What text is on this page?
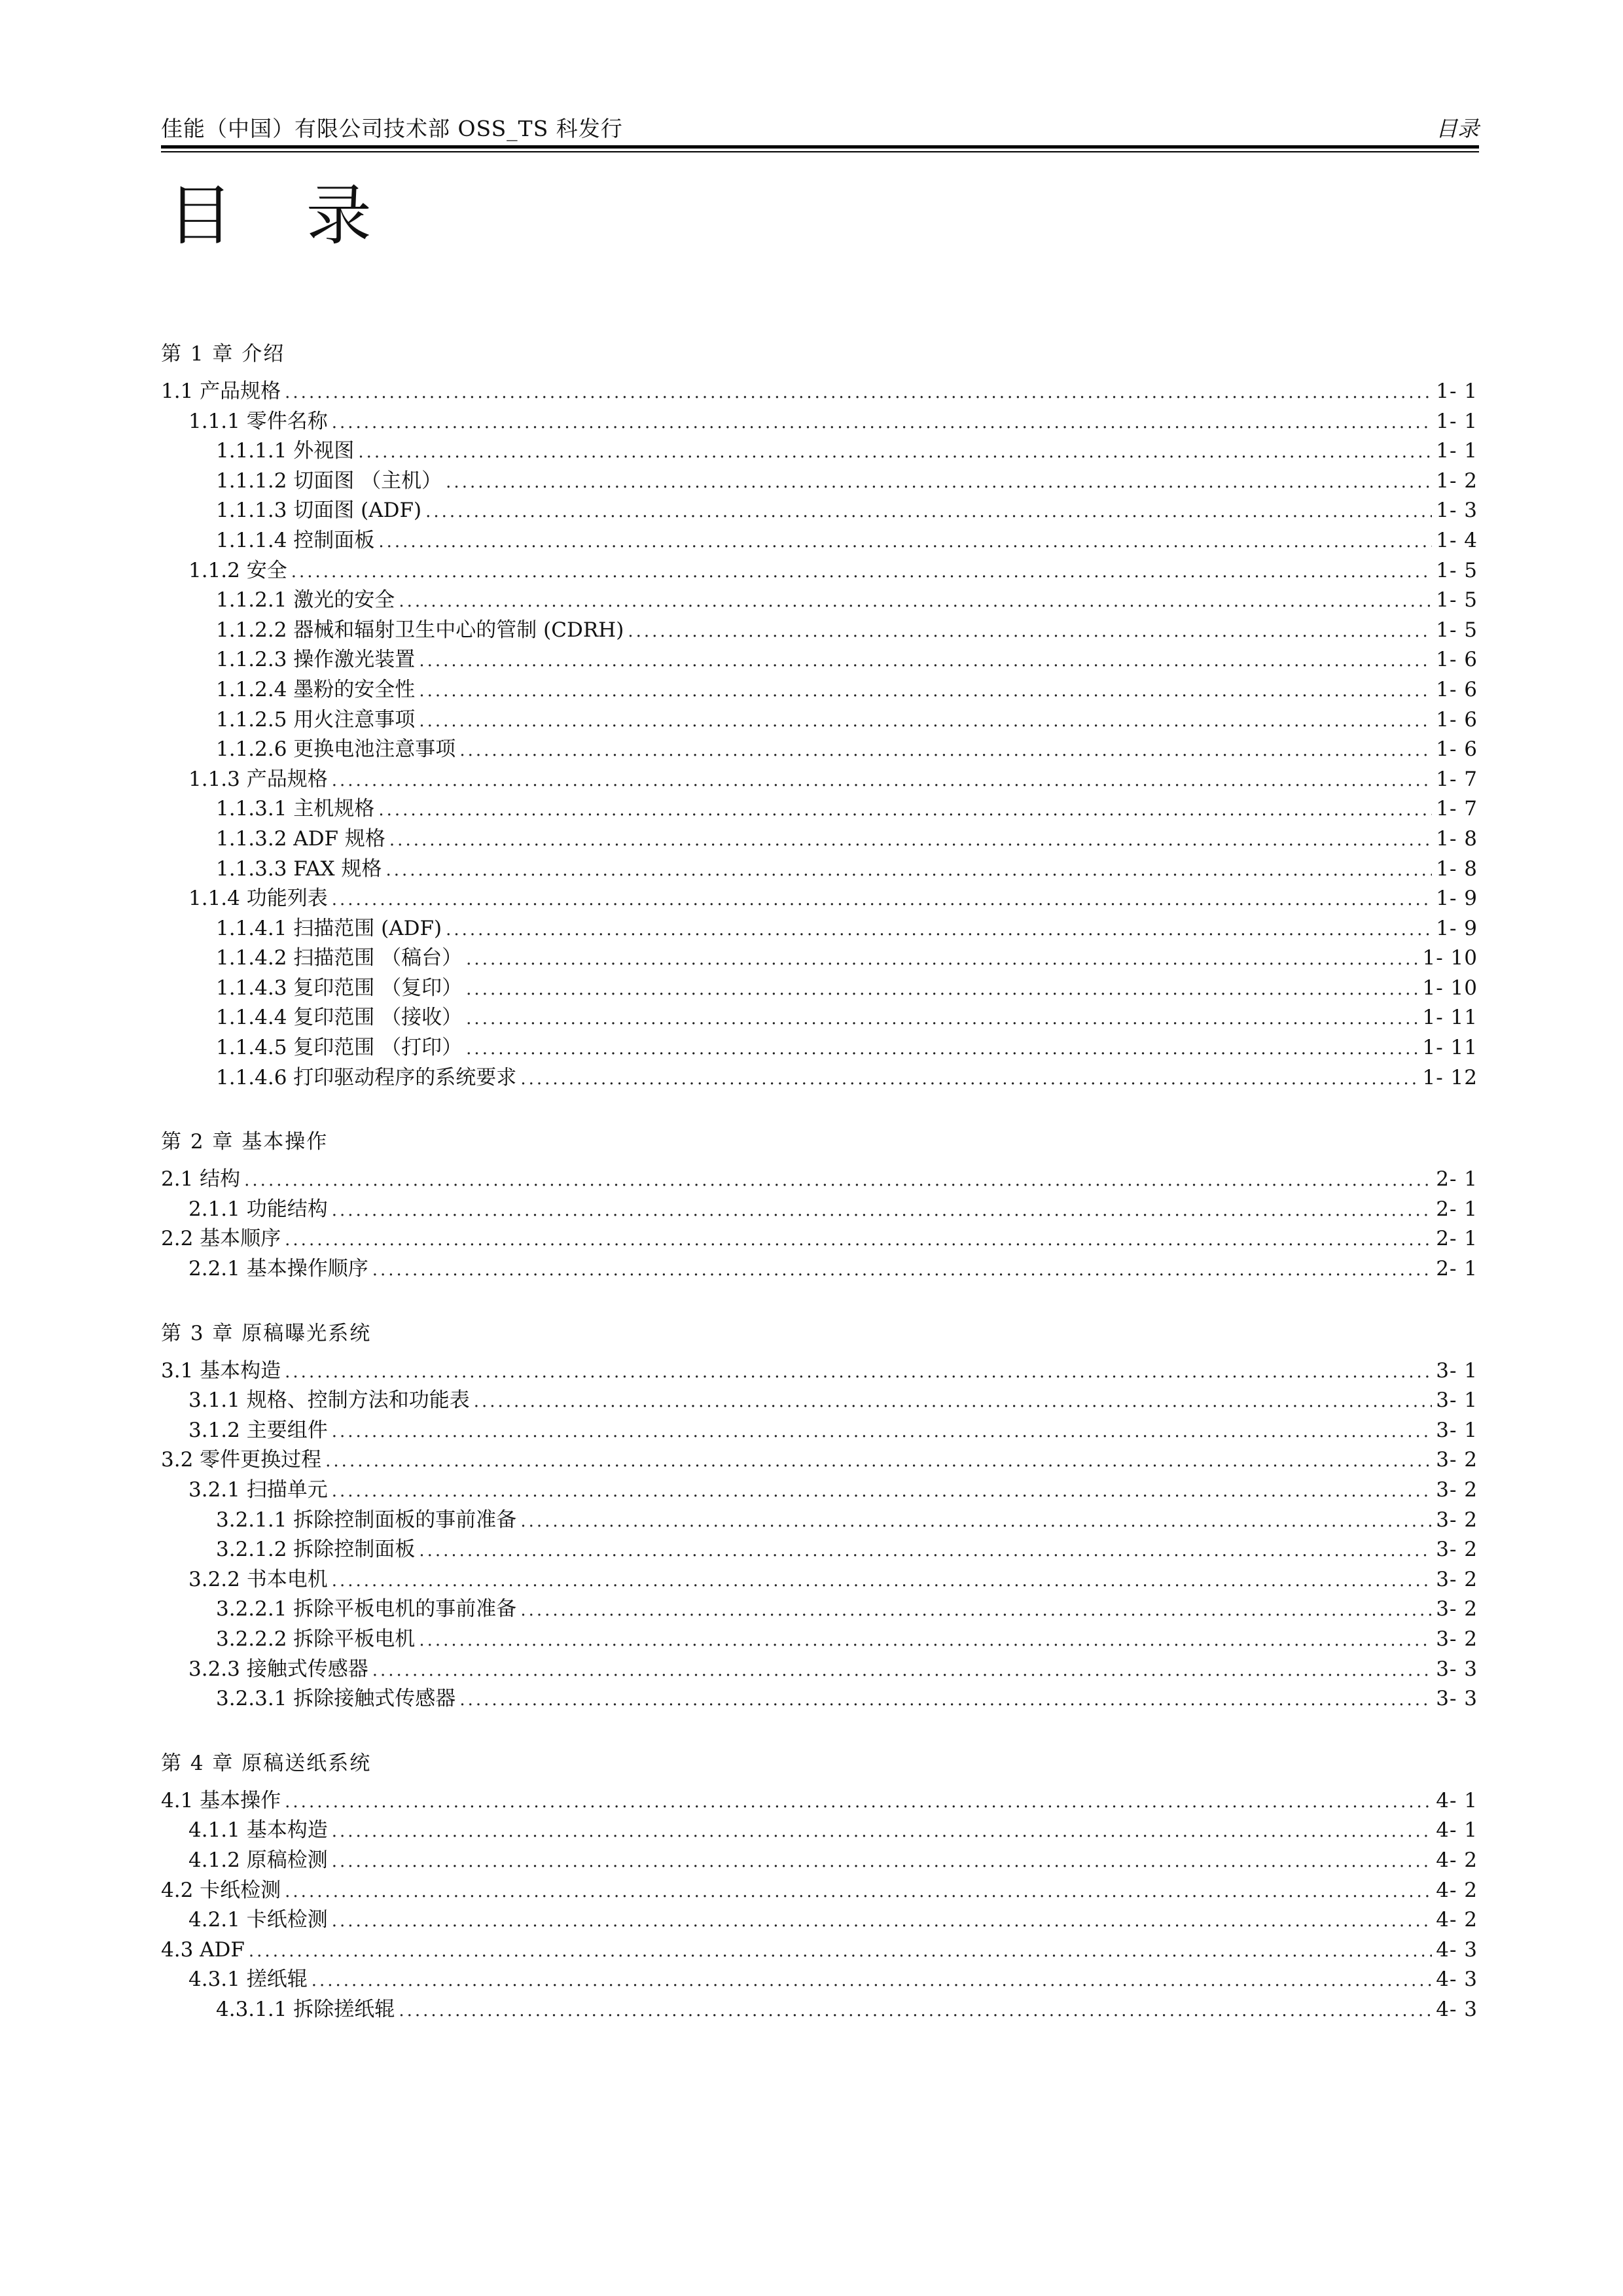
佳能（中国）有限公司技术部 OSS_TS 科发行	目录
目 录
第 1 章 介绍
1.1 产品规格 .....	1- 1
1.1.1 零件名称 .....	1- 1
1.1.1.1 外视图 .....	1- 1
1.1.1.2 切面图 （主机） .....	1- 2
1.1.1.3 切面图 (ADF) .....	1- 3
1.1.1.4 控制面板 .....	1- 4
1.1.2 安全 .....	1- 5
1.1.2.1 激光的安全 .....	1- 5
1.1.2.2 器械和辐射卫生中心的管制 (CDRH) .....	1- 5
1.1.2.3 操作激光装置 .....	1- 6
1.1.2.4 墨粉的安全性 .....	1- 6
1.1.2.5 用火注意事项 .....	1- 6
1.1.2.6 更换电池注意事项 .....	1- 6
1.1.3 产品规格 .....	1- 7
1.1.3.1 主机规格 .....	1- 7
1.1.3.2 ADF 规格 .....	1- 8
1.1.3.3 FAX 规格 .....	1- 8
1.1.4 功能列表 .....	1- 9
1.1.4.1 扫描范围 (ADF) .....	1- 9
1.1.4.2 扫描范围 （稿台） .....	1- 10
1.1.4.3 复印范围 （复印） .....	1- 10
1.1.4.4 复印范围 （接收） .....	1- 11
1.1.4.5 复印范围 （打印） .....	1- 11
1.1.4.6 打印驱动程序的系统要求 .....	1- 12
第 2 章 基本操作
2.1 结构 .....	2- 1
2.1.1 功能结构 .....	2- 1
2.2 基本顺序 .....	2- 1
2.2.1 基本操作顺序 .....	2- 1
第 3 章 原稿曝光系统
3.1 基本构造 .....	3- 1
3.1.1 规格、控制方法和功能表 .....	3- 1
3.1.2 主要组件 .....	3- 1
3.2 零件更换过程 .....	3- 2
3.2.1 扫描单元 .....	3- 2
3.2.1.1 拆除控制面板的事前准备 .....	3- 2
3.2.1.2 拆除控制面板 .....	3- 2
3.2.2 书本电机 .....	3- 2
3.2.2.1 拆除平板电机的事前准备 .....	3- 2
3.2.2.2 拆除平板电机 .....	3- 2
3.2.3 接触式传感器 .....	3- 3
3.2.3.1 拆除接触式传感器 .....	3- 3
第 4 章 原稿送纸系统
4.1 基本操作 .....	4- 1
4.1.1 基本构造 .....	4- 1
4.1.2 原稿检测 .....	4- 2
4.2 卡纸检测 .....	4- 2
4.2.1 卡纸检测 .....	4- 2
4.3 ADF .....	4- 3
4.3.1 搓纸辊 .....	4- 3
4.3.1.1 拆除搓纸辊 .....	4- 3
